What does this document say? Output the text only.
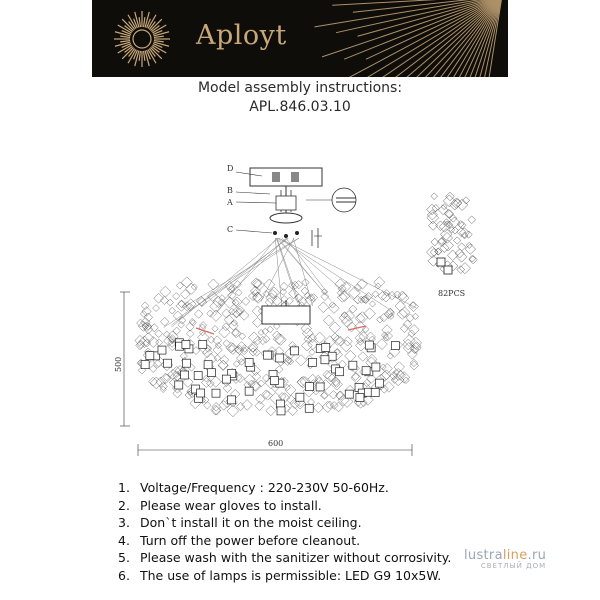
Aployt
Model assembly instructions:
APL.846.03.10
D
B
A
C
82PCS
500
600
1. Voltage/Frequency : 220-230V 50-60Hz.
2. Please wear gloves to install.
3. Don`t install it on the moist ceiling.
4. Turn off the power before cleanout.
5. Please wash with the sanitizer without corrosivity.
6. The use of lamps is permissible: LED G9 10x5W.
lustraline.ru
СВЕТЛЫЙ ДОМ
